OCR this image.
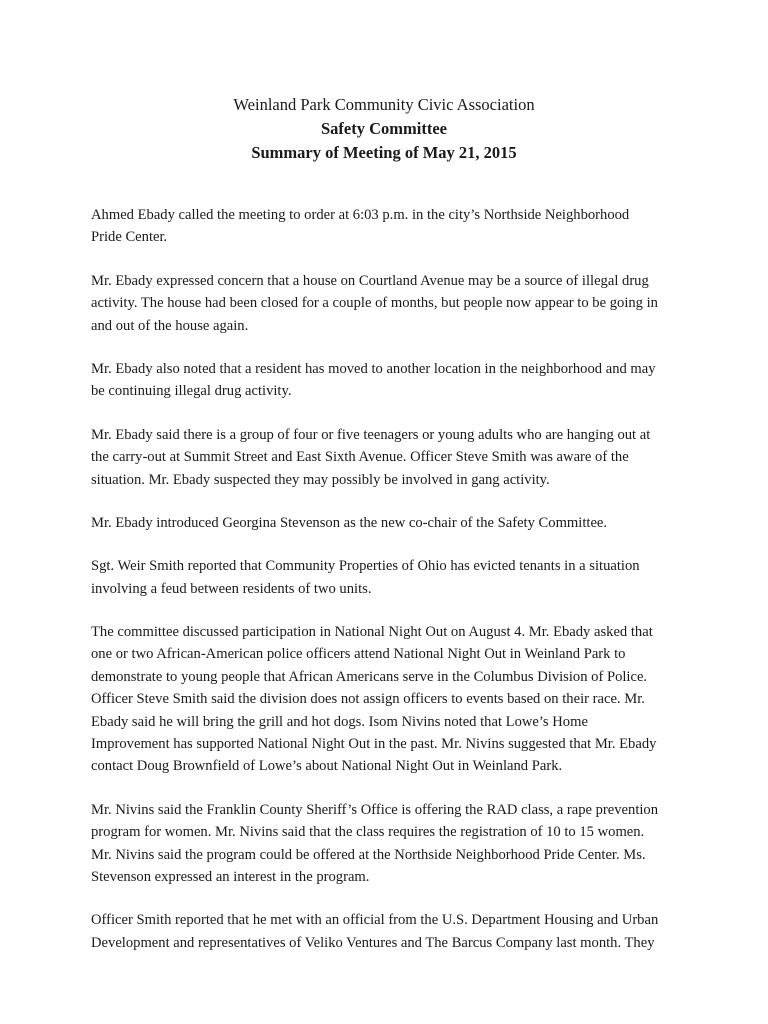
Weinland Park Community Civic Association
Safety Committee
Summary of Meeting of May 21, 2015
Ahmed Ebady called the meeting to order at 6:03 p.m. in the city’s Northside Neighborhood
Pride Center.
Mr. Ebady expressed concern that a house on Courtland Avenue may be a source of illegal drug
activity. The house had been closed for a couple of months, but people now appear to be going in
and out of the house again.
Mr. Ebady also noted that a resident has moved to another location in the neighborhood and may
be continuing illegal drug activity.
Mr. Ebady said there is a group of four or five teenagers or young adults who are hanging out at
the carry-out at Summit Street and East Sixth Avenue. Officer Steve Smith was aware of the
situation. Mr. Ebady suspected they may possibly be involved in gang activity.
Mr. Ebady introduced Georgina Stevenson as the new co-chair of the Safety Committee.
Sgt. Weir Smith reported that Community Properties of Ohio has evicted tenants in a situation
involving a feud between residents of two units.
The committee discussed participation in National Night Out on August 4. Mr. Ebady asked that
one or two African-American police officers attend National Night Out in Weinland Park to
demonstrate to young people that African Americans serve in the Columbus Division of Police.
Officer Steve Smith said the division does not assign officers to events based on their race. Mr.
Ebady said he will bring the grill and hot dogs. Isom Nivins noted that Lowe’s Home
Improvement has supported National Night Out in the past. Mr. Nivins suggested that Mr. Ebady
contact Doug Brownfield of Lowe’s about National Night Out in Weinland Park.
Mr. Nivins said the Franklin County Sheriff’s Office is offering the RAD class, a rape prevention
program for women. Mr. Nivins said that the class requires the registration of 10 to 15 women.
Mr. Nivins said the program could be offered at the Northside Neighborhood Pride Center. Ms.
Stevenson expressed an interest in the program.
Officer Smith reported that he met with an official from the U.S. Department Housing and Urban
Development and representatives of Veliko Ventures and The Barcus Company last month. They
